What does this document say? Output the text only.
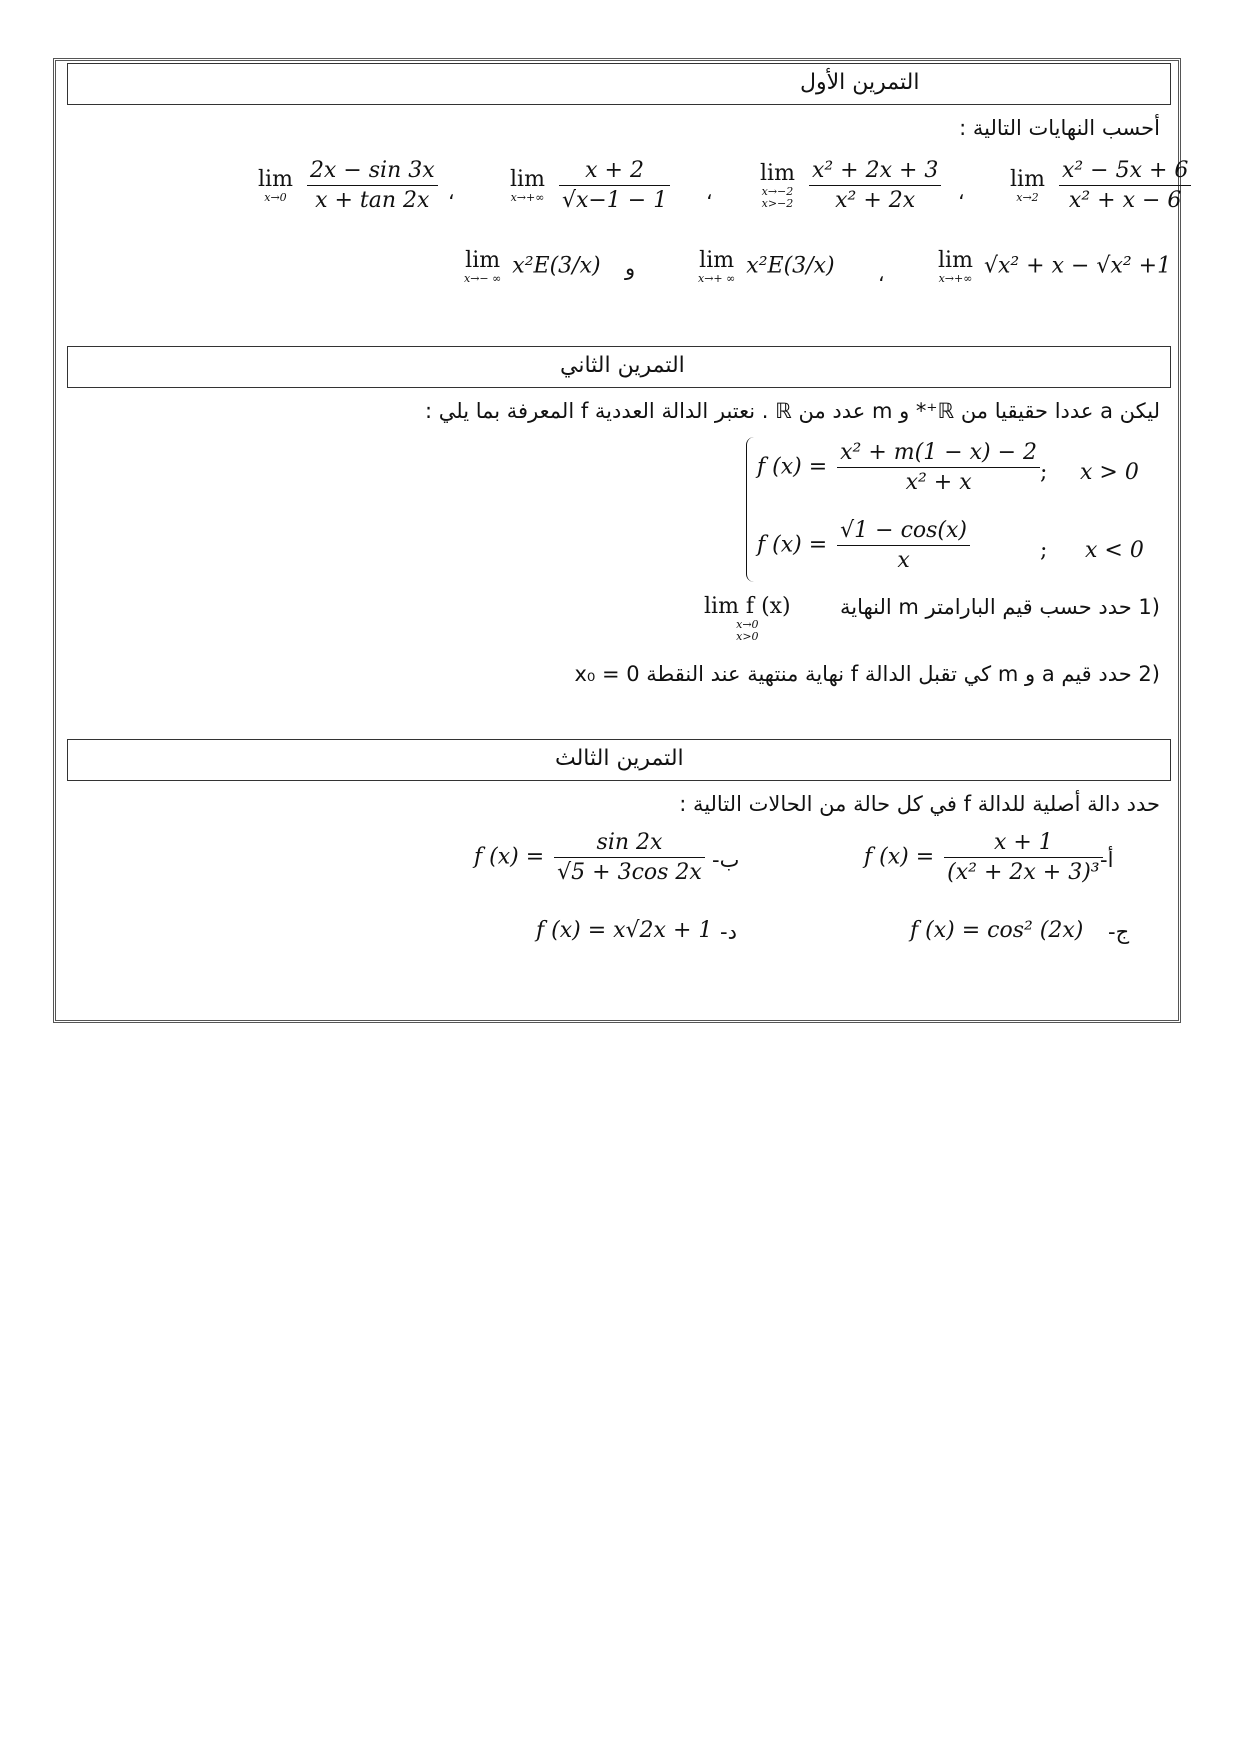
التمرين الأول
أحسب النهايات التالية :
lim
x→2
$\frac{\text{x² − 5x + 6}}{\text{x² + x − 6}}$
،
lim
x→−2
x>−2
$\frac{\text{x² + 2x + 3}}{\text{x² + 2x}}$
،
lim
x→+∞
$\frac{x + 2}{√x-1 - 1}$
،
lim
x→0
$\frac{2x - \sin 3x}{x + \tan 2x}$
lim
x→+∞ √x² + x − √x² +1
،
lim
x→+ ∞ x²E(3/x)
و
lim
x→− ∞ x²E(3/x)
التمرين الثاني
ليكن a عددا حقيقيا من ℝ⁺* و m عدد من ℝ . نعتبر الدالة العددية f المعرفة بما يلي :
f $(x) = \frac{\text{x² + m(1 − x) − 2}}{\text{x² + x}}$ ; x > 0
f $(x) = \frac{√1 - \cos(x)}{x}$	; x < 0
(1 حدد حسب قيم البارامتر m النهاية
lim f (x)
x→0
x>0
(2 حدد قيم a و m كي تقبل الدالة f نهاية منتهية عند النقطة x₀ = 0
التمرين الثالث
حدد دالة أصلية للدالة f في كل حالة من الحالات التالية :
أ-
f $(x) = \frac{x + 1}{\text{(x² + 2x + 3)³}}$
ب-
f $(x) = \frac{\sin 2x}{√5 + 3\cos 2x}$
ج-
f (x) = cos² (2x)
د-
f (x) = x√2x + 1
